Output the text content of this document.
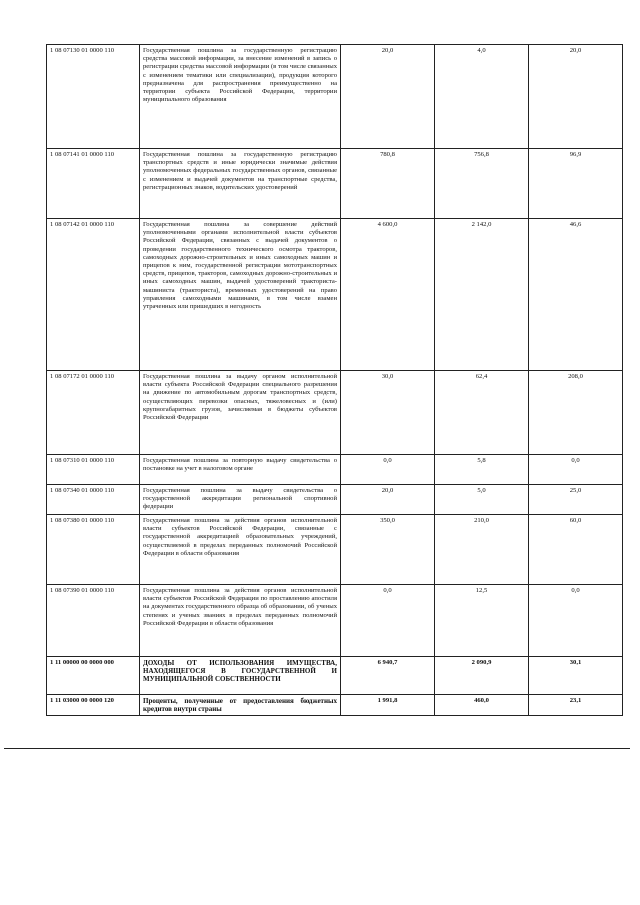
1 08 07130 01 0000 110	Государственная пошлина за государственную регистрацию средства массовой информации, за внесение изменений в запись о регистрации средства массовой информации (в том числе связанных с изменением тематики или специализации), продукция которого предназначена для распространения преимущественно на территории субъекта Российской Федерации, территории муниципального образования	20,0	4,0	20,0
1 08 07141 01 0000 110	Государственная пошлина за государственную регистрацию транспортных средств и иные юридически значимые действия уполномоченных федеральных государственных органов, связанные с изменением и выдачей документов на транспортные средства, регистрационных знаков, водительских удостоверений	780,8	756,8	96,9
1 08 07142 01 0000 110	Государственная пошлина за совершение действий уполномоченными органами исполнительной власти субъектов Российской Федерации, связанных с выдачей документов о проведении государственного технического осмотра тракторов, самоходных дорожно-строительных и иных самоходных машин и прицепов к ним, государственной регистрации мототранспортных средств, прицепов, тракторов, самоходных дорожно-строительных и иных самоходных машин, выдачей удостоверений тракториста-машиниста (тракториста), временных удостоверений на право управления самоходными машинами, в том числе взамен утраченных или пришедших в негодность	4 600,0	2 142,0	46,6
1 08 07172 01 0000 110	Государственная пошлина за выдачу органом исполнительной власти субъекта Российской Федерации специального разрешения на движение по автомобильным дорогам транспортных средств, осуществляющих перевозки опасных, тяжеловесных и (или) крупногабаритных грузов, зачисляемая в бюджеты субъектов Российской Федерации	30,0	62,4	208,0
1 08 07310 01 0000 110	Государственная пошлина за повторную выдачу свидетельства о постановке на учет в налоговом органе	0,0	5,8	0,0
1 08 07340 01 0000 110	Государственная пошлина за выдачу свидетельства о государственной аккредитации региональной спортивной федерации	20,0	5,0	25,0
1 08 07380 01 0000 110	Государственная пошлина за действия органов исполнительной власти субъектов Российской Федерации, связанные с государственной аккредитацией образовательных учреждений, осуществляемой в пределах переданных полномочий Российской Федерации в области образования	350,0	210,0	60,0
1 08 07390 01 0000 110	Государственная пошлина за действия органов исполнительной власти субъектов Российской Федерации по проставлению апостиля на документах государственного образца об образовании, об ученых степенях и ученых званиях в пределах переданных полномочий Российской Федерации в области образования	0,0	12,5	0,0
1 11 00000 00 0000 000	ДОХОДЫ ОТ ИСПОЛЬЗОВАНИЯ ИМУЩЕСТВА, НАХОДЯЩЕГОСЯ В ГОСУДАРСТВЕННОЙ И МУНИЦИПАЛЬНОЙ СОБСТВЕННОСТИ	6 940,7	2 090,9	30,1
1 11 03000 00 0000 120	Проценты, полученные от предоставления бюджетных кредитов внутри страны	1 991,8	460,0	23,1
